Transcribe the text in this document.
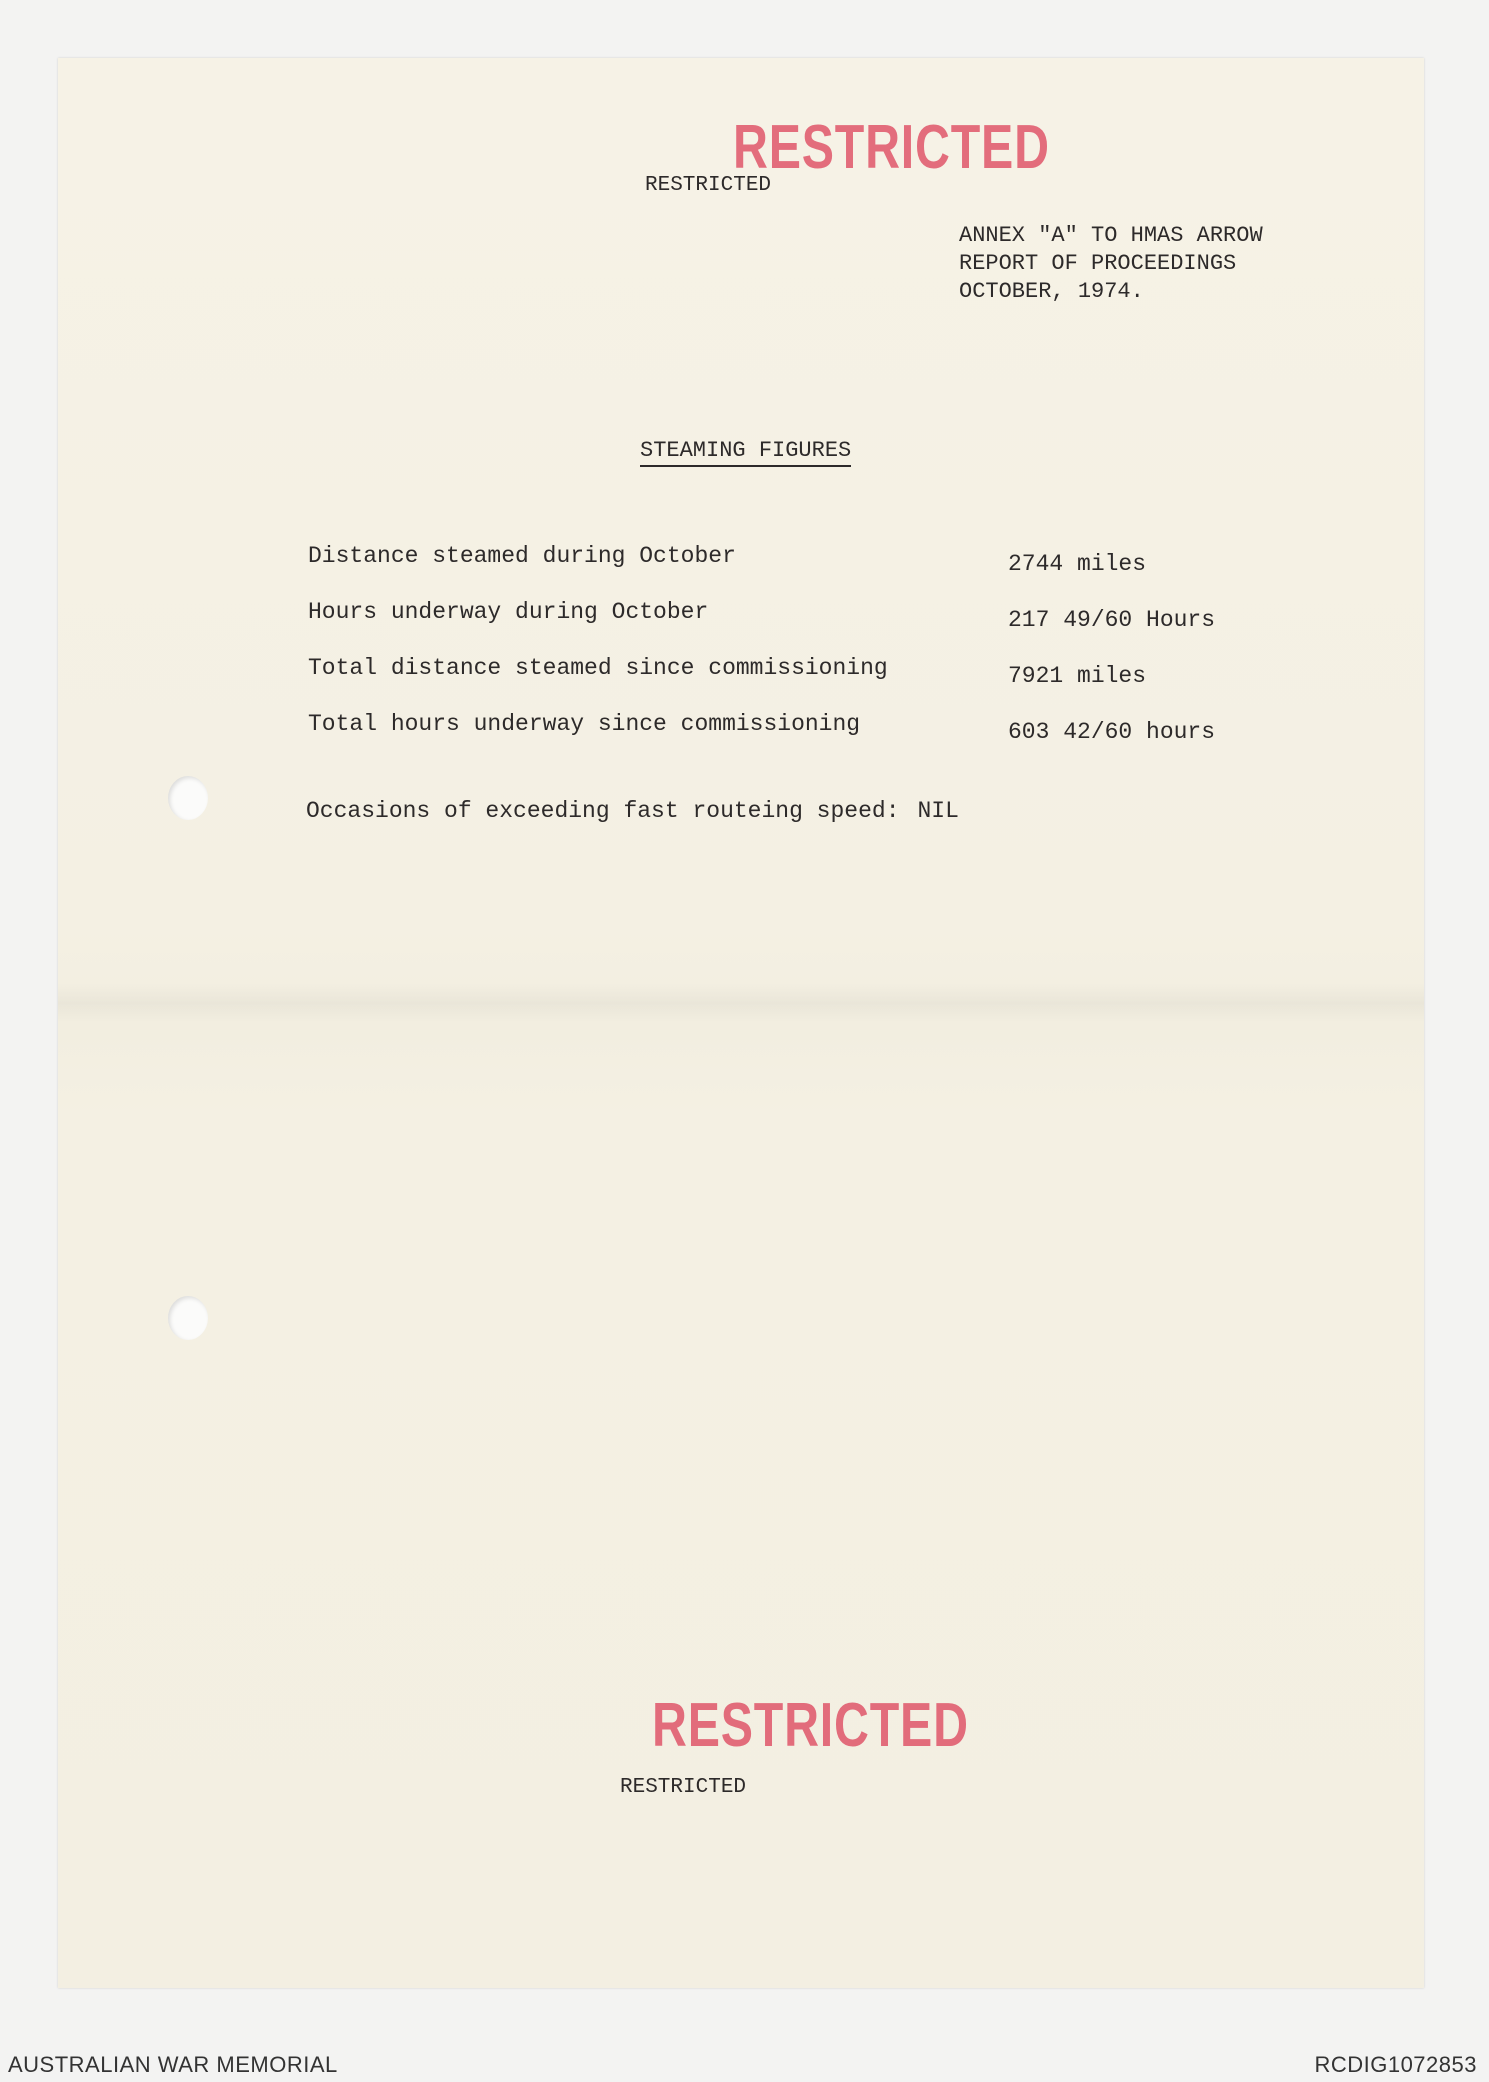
RESTRICTED
RESTRICTED
ANNEX "A" TO HMAS ARROW
REPORT OF PROCEEDINGS
OCTOBER, 1974.
STEAMING FIGURES
Distance steamed during October	2744 miles
Hours underway during October	217 49/60 Hours
Total distance steamed since commissioning	7921 miles
Total hours underway since commissioning	603 42/60 hours
Occasions of exceeding fast routeing speed: NIL
RESTRICTED
RESTRICTED
AUSTRALIAN WAR MEMORIAL	RCDIG1072853
